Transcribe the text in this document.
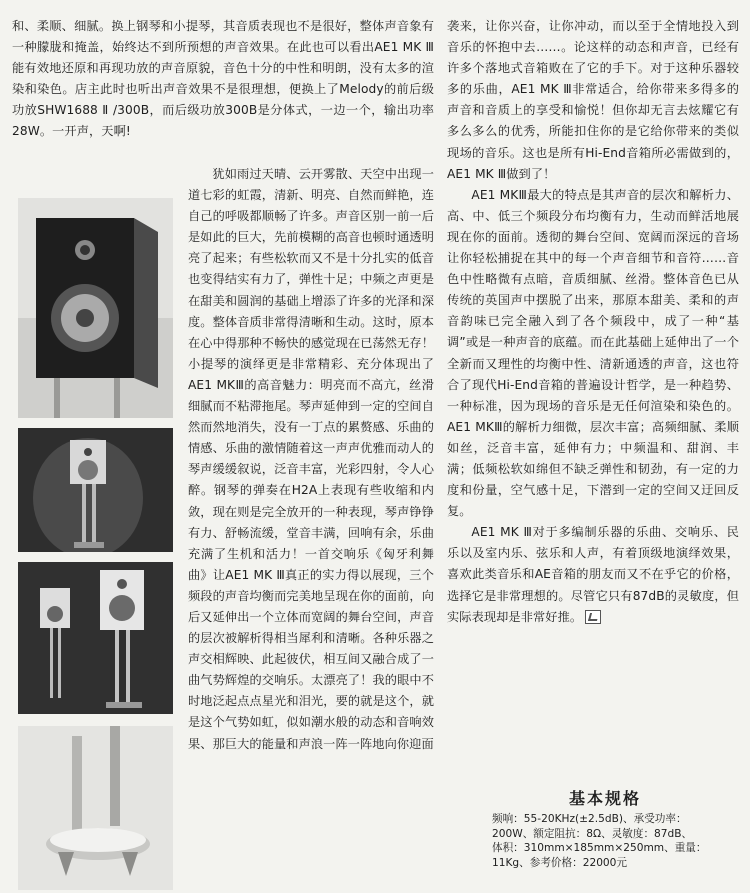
和、柔顺、细腻。换上钢琴和小提琴，其音质表现也不是很好，整体声音象有一种朦胧和掩盖，始终达不到所预想的声音效果。在此也可以看出AE1 MK Ⅲ能有效地还原和再现功放的声音原貌，音色十分的中性和明朗，没有太多的渲染和染色。店主此时也听出声音效果不是很理想，便换上了Melody的前后级功放SHW1688 Ⅱ /300B，而后级功放300B是分体式，一边一个，输出功率28W。一开声，天啊!

犹如雨过天晴、云开雾散、天空中出现一道七彩的虹霞，清新、明亮、自然而鲜艳，连自己的呼吸都顺畅了许多。声音区别一前一后是如此的巨大，先前模糊的高音也顿时通透明亮了起来；有些松软而又不是十分扎实的低音也变得结实有力了，弹性十足；中频之声更是在甜美和圆润的基础上增添了许多的光泽和深度。整体音质非常得清晰和生动。这时，原本在心中得那种不畅快的感觉现在已荡然无存！小提琴的演绎更是非常精彩、充分体现出了AE1 MKⅢ的高音魅力：明亮而不高亢，丝滑细腻而不粘滞拖尾。琴声延伸到一定的空间自然而然地消失，没有一丁点的累赘感、乐曲的情感、乐曲的激情随着这一声声优雅而动人的琴声缓缓叙说，泛音丰富，光彩四射，令人心醉。钢琴的弹奏在H2A上表现有些收缩和内敛，现在则是完全放开的一种表现，琴声铮铮有力、舒畅流缓，堂音丰满，回响有余，乐曲充满了生机和活力！一首交响乐《匈牙利舞曲》让AE1 MK Ⅲ真正的实力得以展现，三个频段的声音均衡而完美地呈现在你的面前，向后又延伸出一个立体而宽阔的舞台空间，声音的层次被解析得相当犀利和清晰。各种乐器之声交相辉映、此起彼伏，相互间又融合成了一曲气势辉煌的交响乐。太漂亮了！我的眼中不时地泛起点点星光和泪光，要的就是这个，就是这个气势如虹，似如潮水般的动态和音响效果、那巨大的能量和声浪一阵一阵地向你迎面

袭来，让你兴奋，让你冲动，而以至于全情地投入到音乐的怀抱中去……。论这样的动态和声音，已经有许多个落地式音箱败在了它的手下。对于这种乐器较多的乐曲，AE1 MK Ⅲ非常适合，给你带来多得多的声音和音质上的享受和愉悦！但你却无言去炫耀它有多么多么的优秀，所能扣住你的是它给你带来的类似现场的音乐。这也是所有Hi-End音箱所必需做到的，AE1 MK Ⅲ做到了！

AE1 MKⅢ最大的特点是其声音的层次和解析力、高、中、低三个频段分布均衡有力，生动而鲜活地展现在你的面前。透彻的舞台空间、宽阔而深远的音场让你轻松捕捉在其中的每一个声音细节和音符……音色中性略微有点暗，音质细腻、丝滑。整体音色已从传统的英国声中摆脱了出来，那原本甜美、柔和的声音韵味已完全融入到了各个频段中，成了一种“基调”或是一种声音的底蕴。而在此基础上延伸出了一个全新而又理性的均衡中性、清新通透的声音，这也符合了现代Hi-End音箱的普遍设计哲学，是一种趋势、一种标准，因为现场的音乐是无任何渲染和染色的。AE1 MKⅢ的解析力细微，层次丰富；高频细腻、柔顺如丝，泛音丰富，延伸有力；中频温和、甜润、丰满；低频松软如绵但不缺乏弹性和韧劲，有一定的力度和份量，空气感十足，下潜到一定的空间又迂回反复。

AE1 MK Ⅲ对于多编制乐器的乐曲、交响乐、民乐以及室内乐、弦乐和人声，有着顶级地演绎效果，喜欢此类音乐和AE音箱的朋友而又不在乎它的价格，选择它是非常理想的。尽管它只有87dB的灵敏度，但实际表现却是非常好推。

基本规格

频响：55-20KHz(±2.5dB)、承受功率：

200W、额定阻抗：8Ω、灵敏度：87dB、

体积：310mm×185mm×250mm、重量：

11Kg、参考价格：22000元
